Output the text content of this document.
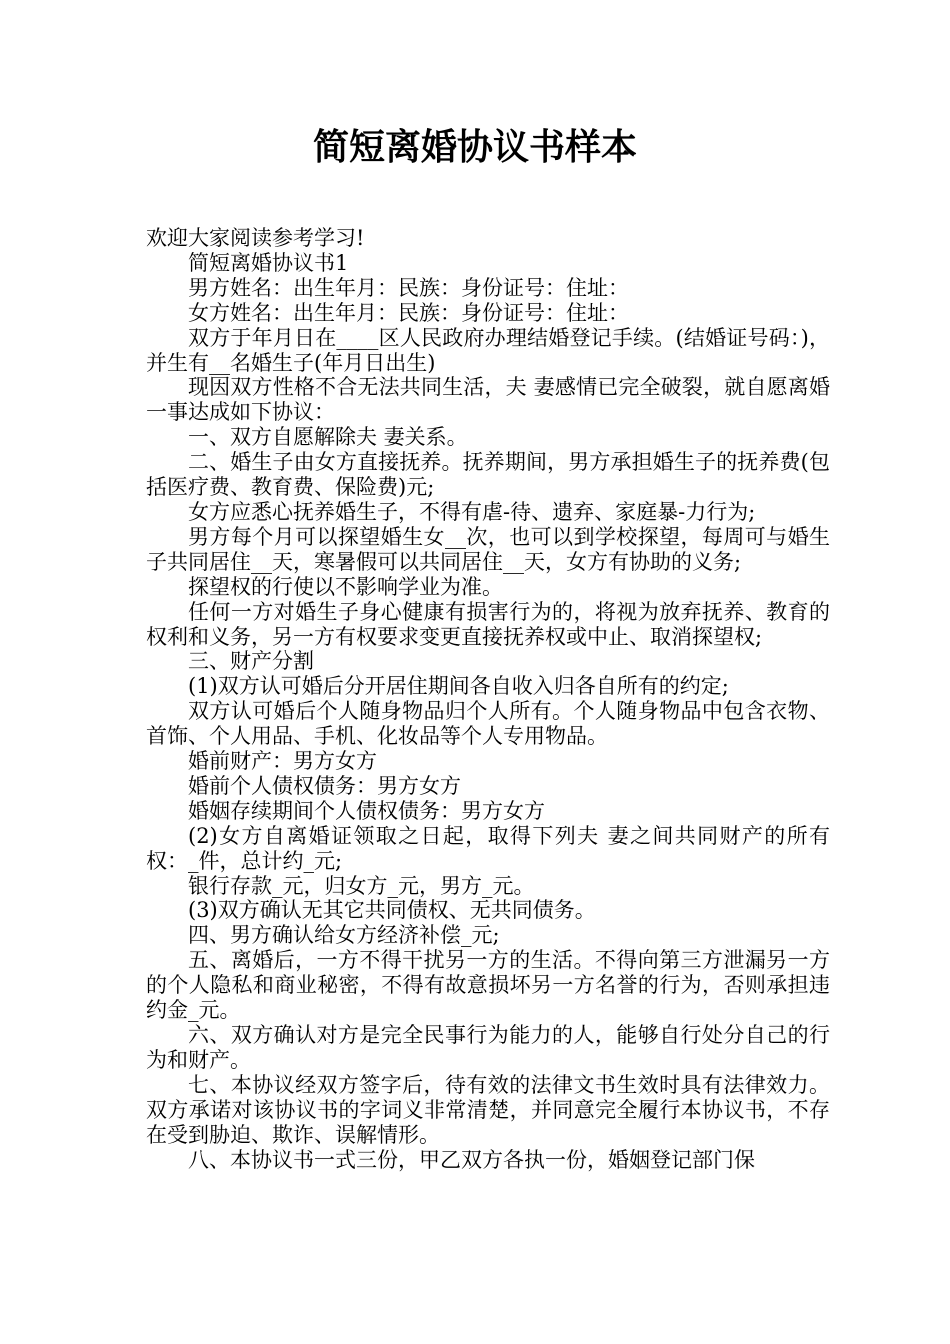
简短离婚协议书样本

欢迎大家阅读参考学习!

简短离婚协议书1

男方姓名：出生年月：民族：身份证号：住址：

女方姓名：出生年月：民族：身份证号：住址：

双方于年月日在____区人民政府办理结婚登记手续。(结婚证号码：)，并生有__名婚生子(年月日出生)

现因双方性格不合无法共同生活，夫 妻感情已完全破裂，就自愿离婚一事达成如下协议：

一、双方自愿解除夫 妻关系。

二、婚生子由女方直接抚养。抚养期间，男方承担婚生子的抚养费(包括医疗费、教育费、保险费)元;

女方应悉心抚养婚生子，不得有虐-待、遗弃、家庭暴-力行为;

男方每个月可以探望婚生女__次，也可以到学校探望，每周可与婚生子共同居住__天，寒暑假可以共同居住__天，女方有协助的义务;

探望权的行使以不影响学业为准。

任何一方对婚生子身心健康有损害行为的，将视为放弃抚养、教育的权利和义务，另一方有权要求变更直接抚养权或中止、取消探望权;

三、财产分割

(1)双方认可婚后分开居住期间各自收入归各自所有的约定;

双方认可婚后个人随身物品归个人所有。个人随身物品中包含衣物、首饰、个人用品、手机、化妆品等个人专用物品。

婚前财产：男方女方

婚前个人债权债务：男方女方

婚姻存续期间个人债权债务：男方女方

(2)女方自离婚证领取之日起，取得下列夫 妻之间共同财产的所有权：_件，总计约_元;

银行存款_元，归女方_元，男方_元。

(3)双方确认无其它共同债权、无共同债务。

四、男方确认给女方经济补偿_元;

五、离婚后，一方不得干扰另一方的生活。不得向第三方泄漏另一方的个人隐私和商业秘密，不得有故意损坏另一方名誉的行为，否则承担违约金_元。

六、双方确认对方是完全民事行为能力的人，能够自行处分自己的行为和财产。

七、本协议经双方签字后，待有效的法律文书生效时具有法律效力。双方承诺对该协议书的字词义非常清楚，并同意完全履行本协议书，不存在受到胁迫、欺诈、误解情形。

八、本协议书一式三份，甲乙双方各执一份，婚姻登记部门保
